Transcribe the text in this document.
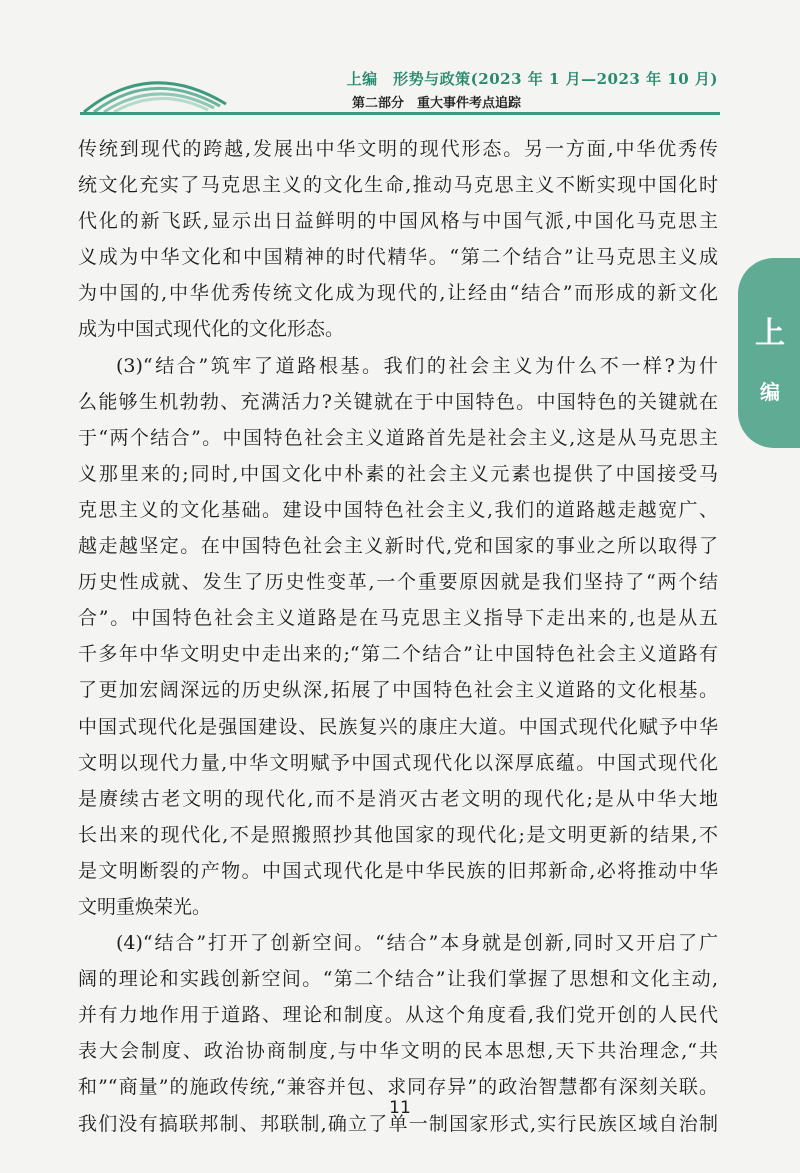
上编　形势与政策(2023 年 1 月—2023 年 10 月)
第二部分　重大事件考点追踪
上
编
传统到现代的跨越,发展出中华文明的现代形态。另一方面,中华优秀传
统文化充实了马克思主义的文化生命,推动马克思主义不断实现中国化时
代化的新飞跃,显示出日益鲜明的中国风格与中国气派,中国化马克思主
义成为中华文化和中国精神的时代精华。“第二个结合”让马克思主义成
为中国的,中华优秀传统文化成为现代的,让经由“结合”而形成的新文化
成为中国式现代化的文化形态。
(3)“结合”筑牢了道路根基。我们的社会主义为什么不一样?为什
么能够生机勃勃、充满活力?关键就在于中国特色。中国特色的关键就在
于“两个结合”。中国特色社会主义道路首先是社会主义,这是从马克思主
义那里来的;同时,中国文化中朴素的社会主义元素也提供了中国接受马
克思主义的文化基础。建设中国特色社会主义,我们的道路越走越宽广、
越走越坚定。在中国特色社会主义新时代,党和国家的事业之所以取得了
历史性成就、发生了历史性变革,一个重要原因就是我们坚持了“两个结
合”。中国特色社会主义道路是在马克思主义指导下走出来的,也是从五
千多年中华文明史中走出来的;“第二个结合”让中国特色社会主义道路有
了更加宏阔深远的历史纵深,拓展了中国特色社会主义道路的文化根基。
中国式现代化是强国建设、民族复兴的康庄大道。中国式现代化赋予中华
文明以现代力量,中华文明赋予中国式现代化以深厚底蕴。中国式现代化
是赓续古老文明的现代化,而不是消灭古老文明的现代化;是从中华大地
长出来的现代化,不是照搬照抄其他国家的现代化;是文明更新的结果,不
是文明断裂的产物。中国式现代化是中华民族的旧邦新命,必将推动中华
文明重焕荣光。
(4)“结合”打开了创新空间。“结合”本身就是创新,同时又开启了广
阔的理论和实践创新空间。“第二个结合”让我们掌握了思想和文化主动,
并有力地作用于道路、理论和制度。从这个角度看,我们党开创的人民代
表大会制度、政治协商制度,与中华文明的民本思想,天下共治理念,“共
和”“商量”的施政传统,“兼容并包、求同存异”的政治智慧都有深刻关联。
我们没有搞联邦制、邦联制,确立了单一制国家形式,实行民族区域自治制
11
